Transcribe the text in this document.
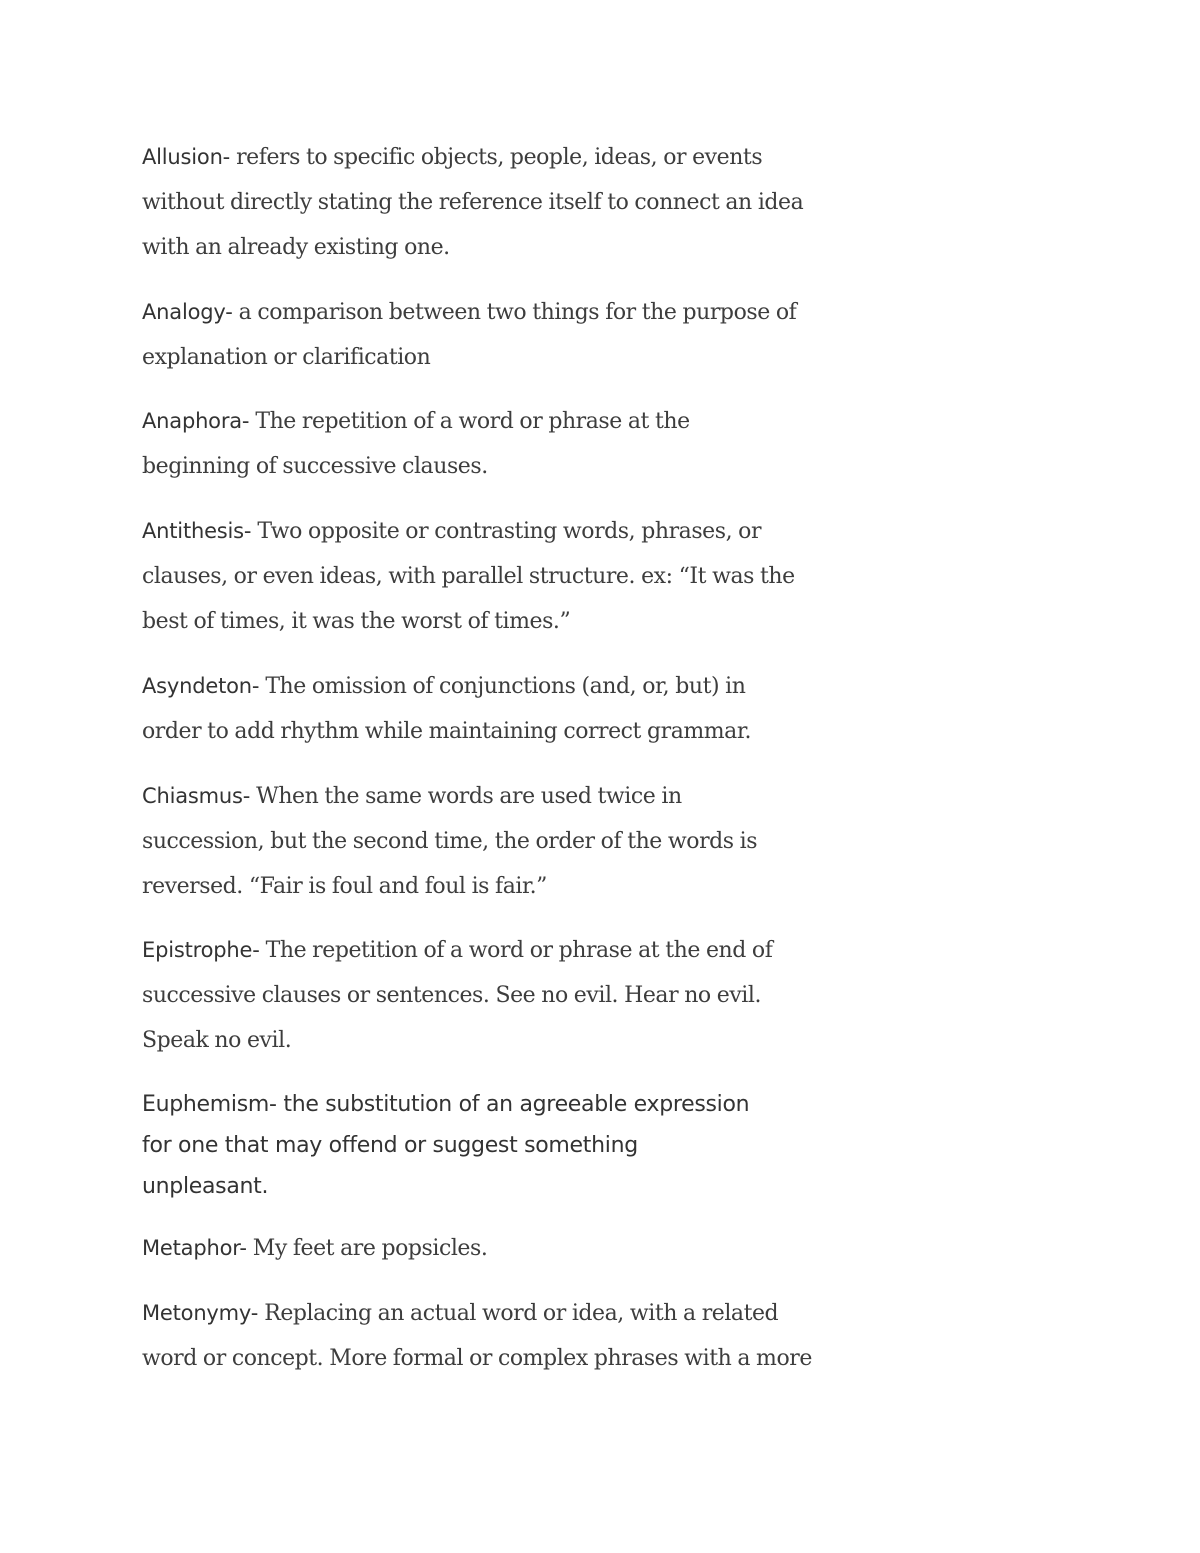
Allusion- refers to specific objects, people, ideas, or events
without directly stating the reference itself to connect an idea
with an already existing one.

Analogy- a comparison between two things for the purpose of
explanation or clarification

Anaphora- The repetition of a word or phrase at the
beginning of successive clauses.

Antithesis- Two opposite or contrasting words, phrases, or
clauses, or even ideas, with parallel structure. ex: “It was the
best of times, it was the worst of times.”

Asyndeton- The omission of conjunctions (and, or, but) in
order to add rhythm while maintaining correct grammar.

Chiasmus- When the same words are used twice in
succession, but the second time, the order of the words is
reversed. “Fair is foul and foul is fair.”

Epistrophe- The repetition of a word or phrase at the end of
successive clauses or sentences. See no evil. Hear no evil.
Speak no evil.

Euphemism- the substitution of an agreeable expression
for one that may offend or suggest something
unpleasant.

Metaphor- My feet are popsicles.

Metonymy- Replacing an actual word or idea, with a related
word or concept. More formal or complex phrases with a more
